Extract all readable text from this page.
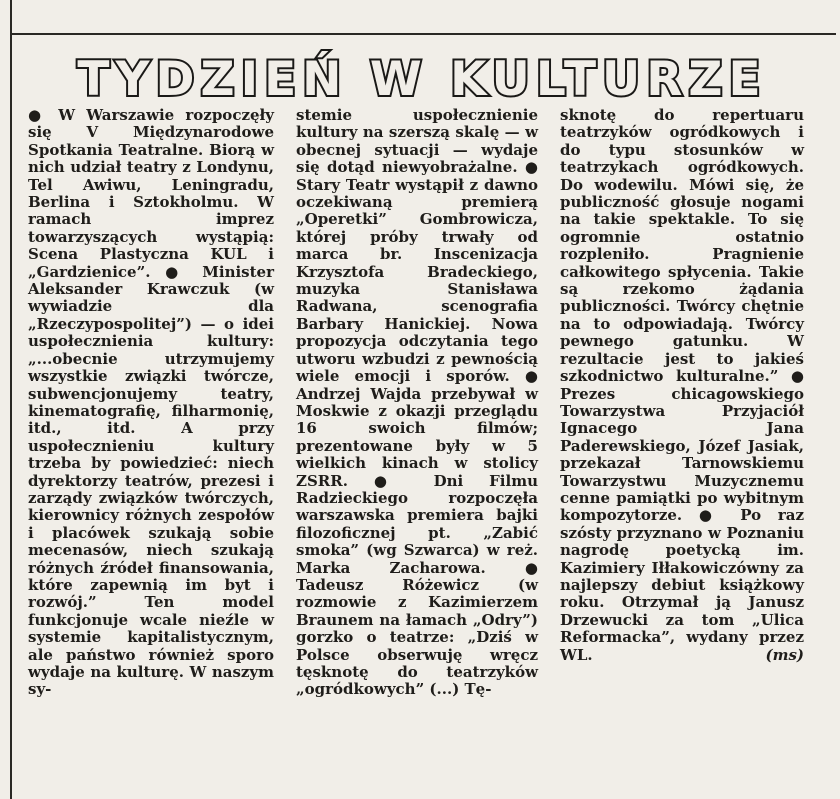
TYDZIEŃ W KULTURZE

● W Warszawie rozpoczęły się V Międzynarodowe Spotkania Teatralne. Biorą w nich udział teatry z Londynu, Tel Awiwu, Leningradu, Berlina i Sztokholmu. W ramach imprez towarzyszących wystąpią: Scena Plastyczna KUL i „Gardzienice”. ● Minister Aleksander Krawczuk (w wywiadzie dla „Rzeczypospolitej”) — o idei uspołecznienia kultury: „...obecnie utrzymujemy wszystkie związki twórcze, subwencjonujemy teatry, kinematografię, filharmonię, itd., itd. A przy uspołecznieniu kultury trzeba by powiedzieć: niech dyrektorzy teatrów, prezesi i zarządy związków twórczych, kierownicy różnych zespołów i placówek szukają sobie mecenasów, niech szukają różnych źródeł finansowania, które zapewnią im byt i rozwój.” Ten model funkcjonuje wcale nieźle w systemie kapitalistycznym, ale państwo również sporo wydaje na kulturę. W naszym sy-

stemie uspołecznienie kultury na szerszą skalę — w obecnej sytuacji — wydaje się dotąd niewyobrażalne. ● Stary Teatr wystąpił z dawno oczekiwaną premierą „Operetki” Gombrowicza, której próby trwały od marca br. Inscenizacja Krzysztofa Bradeckiego, muzyka Stanisława Radwana, scenografia Barbary Hanickiej. Nowa propozycja odczytania tego utworu wzbudzi z pewnością wiele emocji i sporów. ● Andrzej Wajda przebywał w Moskwie z okazji przeglądu 16 swoich filmów; prezentowane były w 5 wielkich kinach w stolicy ZSRR. ● Dni Filmu Radzieckiego rozpoczęła warszawska premiera bajki filozoficznej pt. „Zabić smoka” (wg Szwarca) w reż. Marka Zacharowa. ● Tadeusz Różewicz (w rozmowie z Kazimierzem Braunem na łamach „Odry”) gorzko o teatrze: „Dziś w Polsce obserwuję wręcz tęsknotę do teatrzyków „ogródkowych” (...) Tę-

sknotę do repertuaru teatrzyków ogródkowych i do typu stosunków w teatrzykach ogródkowych. Do wodewilu. Mówi się, że publiczność głosuje nogami na takie spektakle. To się ogromnie ostatnio rozpleniło. Pragnienie całkowitego spłycenia. Takie są rzekomo żądania publiczności. Twórcy chętnie na to odpowiadają. Twórcy pewnego gatunku. W rezultacie jest to jakieś szkodnictwo kulturalne.” ● Prezes chicagowskiego Towarzystwa Przyjaciół Ignacego Jana Paderewskiego, Józef Jasiak, przekazał Tarnowskiemu Towarzystwu Muzycznemu cenne pamiątki po wybitnym kompozytorze. ● Po raz szósty przyznano w Poznaniu nagrodę poetycką im. Kazimiery Iłłakowiczówny za najlepszy debiut książkowy roku. Otrzymał ją Janusz Drzewucki za tom „Ulica Reformacka”, wydany przez WL.	(ms)
